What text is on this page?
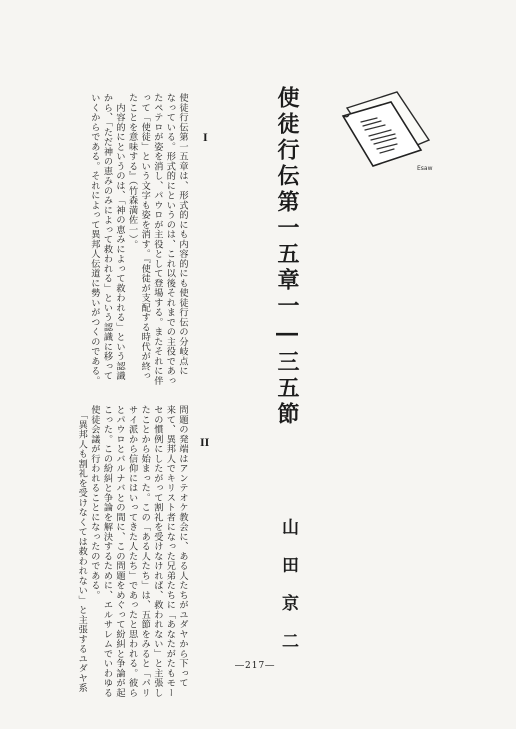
Esaw
使徒行伝第一五章一―三五節
I
使徒行伝第一五章は、形式的にも内容的にも使徒行伝の分岐点に
なっている。形式的にというのは、これ以後それまでの主役であっ
たペテロが姿を消し、パウロが主役として登場する。またそれに伴
って「使徒」という文字も姿を消す。『使徒が支配する時代が終っ
たことを意味する』（竹森満佐一）。
　内容的にというのは、「神の恵みによって救われる」という認識
から、「ただ神の恵みのみによって救われる」という認識に移って
いくからである。それによって異邦人伝道に勢いがつくのである。
II
問題の発端はアンテオケ教会に、ある人たちがユダヤから下って
来て、異邦人でキリスト者になった兄弟たちに「あなたがたもモー
セの慣例にしたがって割礼を受けなければ、救われない」と主張し
たことから始まった。この「ある人たち」は、五節をみると「パリ
サイ派から信仰にはいってきた人たち」であったと思われる。彼ら
とパウロとバルナバとの間に、この問題をめぐって紛糾と争論が起
こった。この紛糾と争論を解決するために、エルサレムでいわゆる
使徒会議が行われることになったのである。
　「異邦人も割礼を受けなくては救われない」と主張するユダヤ系	山田京二
―217―
